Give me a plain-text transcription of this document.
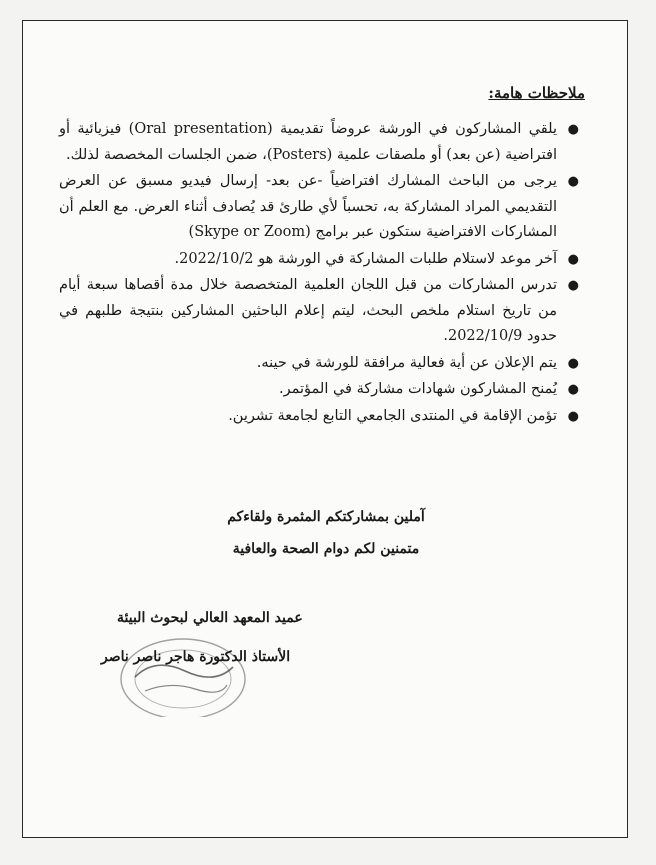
ملاحظات هامة:
●
يلقي المشاركون في الورشة عروضاً تقديمية (Oral presentation) فيزيائية أو افتراضية (عن بعد) أو ملصقات علمية (Posters)، ضمن الجلسات المخصصة لذلك.
●
يرجى من الباحث المشارك افتراضياً -عن بعد- إرسال فيديو مسبق عن العرض التقديمي المراد المشاركة به، تحسباً لأي طارئ قد يُصادف أثناء العرض. مع العلم أن المشاركات الافتراضية ستكون عبر برامج (Skype or Zoom)
●
آخر موعد لاستلام طلبات المشاركة في الورشة هو 2022/10/2.
●
تدرس المشاركات من قبل اللجان العلمية المتخصصة خلال مدة أقصاها سبعة أيام من تاريخ استلام ملخص البحث، ليتم إعلام الباحثين المشاركين بنتيجة طلبهم في حدود 2022/10/9.
●
يتم الإعلان عن أية فعالية مرافقة للورشة في حينه.
●
يُمنح المشاركون شهادات مشاركة في المؤتمر.
●
تؤمن الإقامة في المنتدى الجامعي التابع لجامعة تشرين.
آملين بمشاركتكم المثمرة ولقاءكم
متمنين لكم دوام الصحة والعافية
عميد المعهد العالي لبحوث البيئة
الأستاذ الدكتورة هاجر ناصر ناصر
